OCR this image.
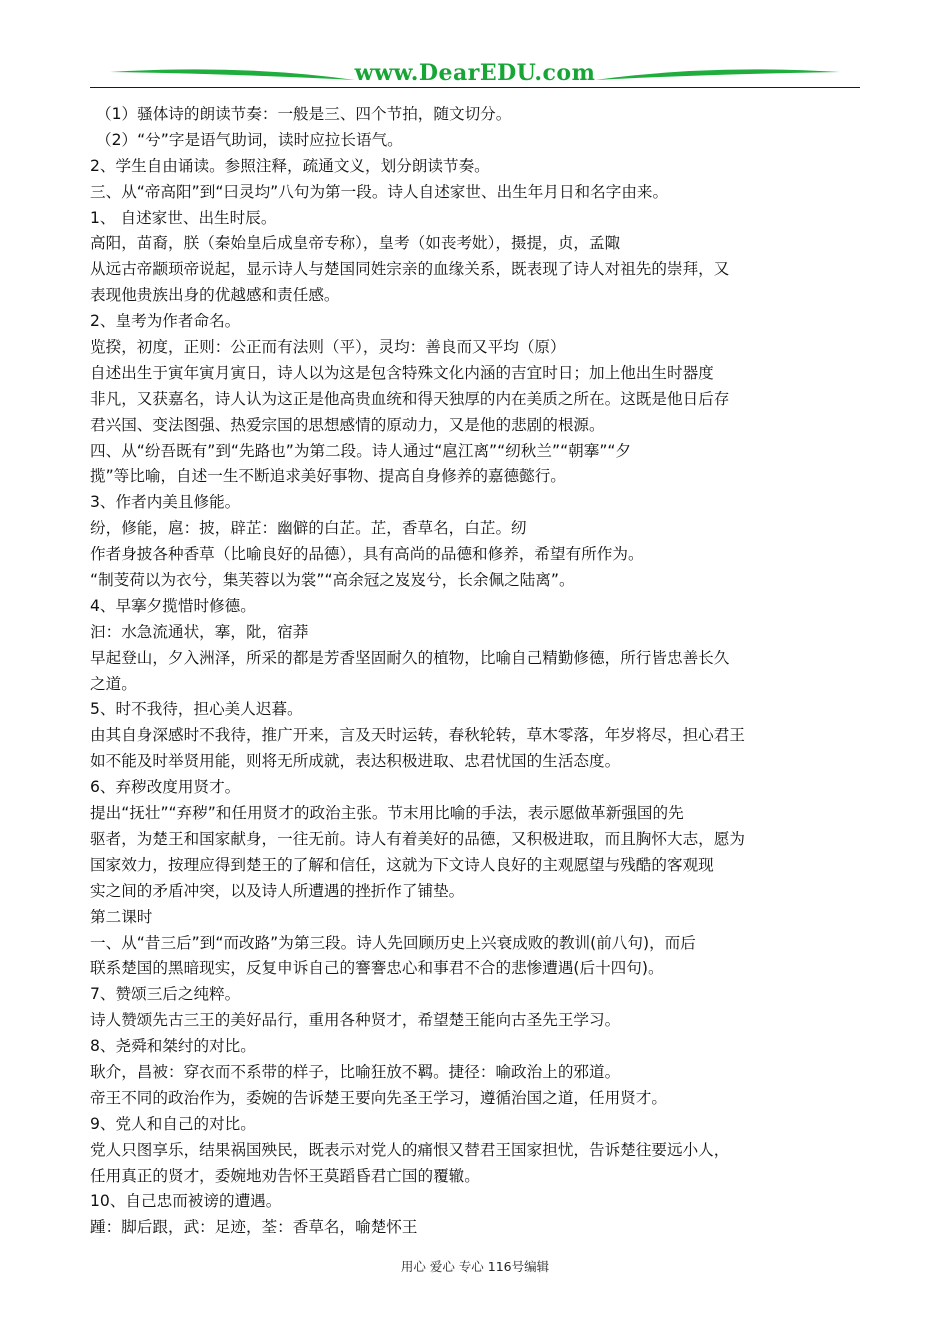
www.DearEDU.com
（1）骚体诗的朗读节奏：一般是三、四个节拍，随文切分。
（2）“兮”字是语气助词，读时应拉长语气。
2、学生自由诵读。参照注释，疏通文义，划分朗读节奏。
三、从“帝高阳”到“曰灵均”八句为第一段。诗人自述家世、出生年月日和名字由来。
1、 自述家世、出生时辰。
高阳，苗裔，朕（秦始皇后成皇帝专称），皇考（如丧考妣），摄提，贞，孟陬
从远古帝颛顼帝说起，显示诗人与楚国同姓宗亲的血缘关系，既表现了诗人对祖先的崇拜，又
表现他贵族出身的优越感和责任感。
2、皇考为作者命名。
览揆，初度，正则：公正而有法则（平），灵均：善良而又平均（原）
自述出生于寅年寅月寅日，诗人以为这是包含特殊文化内涵的吉宜时日；加上他出生时器度
非凡，又获嘉名，诗人认为这正是他高贵血统和得天独厚的内在美质之所在。这既是他日后存
君兴国、变法图强、热爱宗国的思想感情的原动力，又是他的悲剧的根源。
四、从“纷吾既有”到“先路也”为第二段。诗人通过“扈江离”“纫秋兰”“朝搴”“夕
揽”等比喻，自述一生不断追求美好事物、提高自身修养的嘉德懿行。
3、作者内美且修能。
纷，修能，扈：披，辟芷：幽僻的白芷。芷，香草名，白芷。纫
作者身披各种香草（比喻良好的品德），具有高尚的品德和修养，希望有所作为。
“制芰荷以为衣兮，集芙蓉以为裳”“高余冠之岌岌兮，长余佩之陆离”。
4、早搴夕揽惜时修德。
汩：水急流通状，搴，阰，宿莽
早起登山，夕入洲泽，所采的都是芳香坚固耐久的植物，比喻自己精勤修德，所行皆忠善长久
之道。
5、时不我待，担心美人迟暮。
由其自身深感时不我待，推广开来，言及天时运转，春秋轮转，草木零落，年岁将尽，担心君王
如不能及时举贤用能，则将无所成就，表达积极进取、忠君忧国的生活态度。
6、弃秽改度用贤才。
提出“抚壮”“弃秽”和任用贤才的政治主张。节末用比喻的手法，表示愿做革新强国的先
驱者，为楚王和国家献身，一往无前。诗人有着美好的品德，又积极进取，而且胸怀大志，愿为
国家效力，按理应得到楚王的了解和信任，这就为下文诗人良好的主观愿望与残酷的客观现
实之间的矛盾冲突，以及诗人所遭遇的挫折作了铺垫。
第二课时
一、从“昔三后”到“而改路”为第三段。诗人先回顾历史上兴衰成败的教训(前八句)，而后
联系楚国的黑暗现实，反复申诉自己的謇謇忠心和事君不合的悲惨遭遇(后十四句)。
7、赞颂三后之纯粹。
诗人赞颂先古三王的美好品行，重用各种贤才，希望楚王能向古圣先王学习。
8、尧舜和桀纣的对比。
耿介，昌被：穿衣而不系带的样子，比喻狂放不羁。捷径：喻政治上的邪道。
帝王不同的政治作为，委婉的告诉楚王要向先圣王学习，遵循治国之道，任用贤才。
9、党人和自己的对比。
党人只图享乐，结果祸国殃民，既表示对党人的痛恨又替君王国家担忧，告诉楚往要远小人，
任用真正的贤才，委婉地劝告怀王莫蹈昏君亡国的覆辙。
10、自己忠而被谤的遭遇。
踵：脚后跟，武：足迹，荃：香草名，喻楚怀王
用心 爱心 专心 116号编辑
